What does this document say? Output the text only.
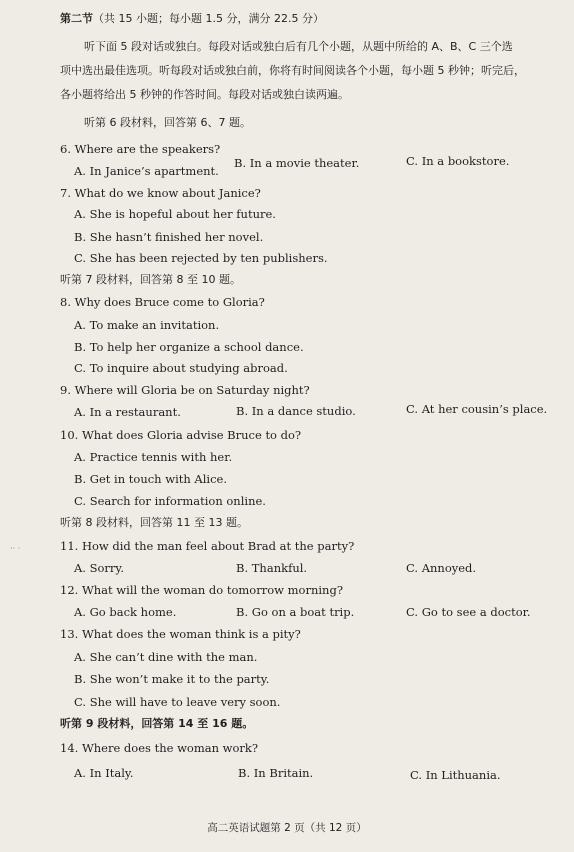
第二节（共 15 小题；每小题 1.5 分，满分 22.5 分）
听下面 5 段对话或独白。每段对话或独白后有几个小题，从题中所给的 A、B、C 三个选
项中选出最佳选项。听每段对话或独白前，你将有时间阅读各个小题，每小题 5 秒钟；听完后，
各小题将给出 5 秒钟的作答时间。每段对话或独白读两遍。
听第 6 段材料，回答第 6、7 题。
6. Where are the speakers?
A. In Janice’s apartment.
B. In a movie theater.	C. In a bookstore.
7. What do we know about Janice?
A. She is hopeful about her future.
B. She hasn’t finished her novel.
C. She has been rejected by ten publishers.
听第 7 段材料，回答第 8 至 10 题。
8. Why does Bruce come to Gloria?
A. To make an invitation.
B. To help her organize a school dance.
C. To inquire about studying abroad.
9. Where will Gloria be on Saturday night?
A. In a restaurant.	B. In a dance studio.	C. At her cousin’s place.
10. What does Gloria advise Bruce to do?
A. Practice tennis with her.
B. Get in touch with Alice.
C. Search for information online.
听第 8 段材料，回答第 11 至 13 题。
·· ·	11. How did the man feel about Brad at the party?
A. Sorry.	B. Thankful.	C. Annoyed.
12. What will the woman do tomorrow morning?
A. Go back home.	B. Go on a boat trip.	C. Go to see a doctor.
13. What does the woman think is a pity?
A. She can’t dine with the man.
B. She won’t make it to the party.
C. She will have to leave very soon.
听第 9 段材料，回答第 14 至 16 题。
14. Where does the woman work?
A. In Italy.	B. In Britain.	C. In Lithuania.
高二英语试题第 2 页（共 12 页）
